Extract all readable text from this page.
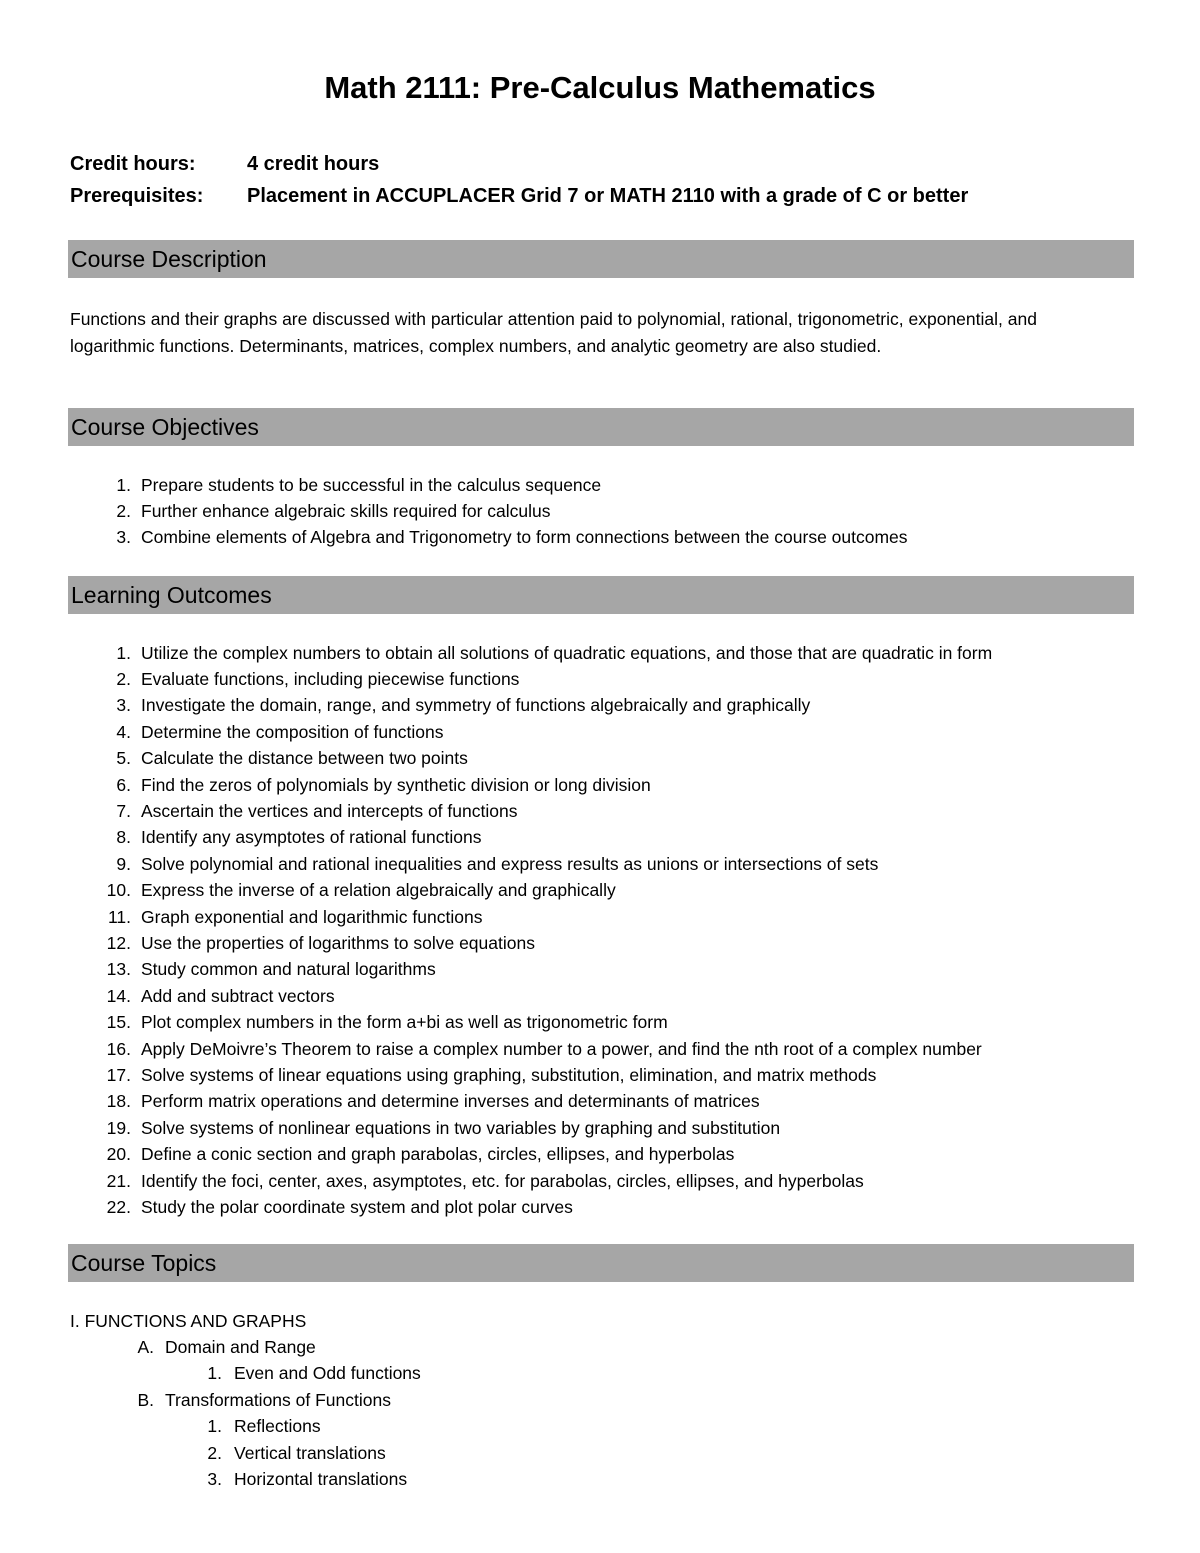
Math 2111: Pre-Calculus Mathematics
Credit hours:	4 credit hours
Prerequisites:	Placement in ACCUPLACER Grid 7 or MATH 2110 with a grade of C or better
Course Description
Functions and their graphs are discussed with particular attention paid to polynomial, rational, trigonometric, exponential, and logarithmic functions. Determinants, matrices, complex numbers, and analytic geometry are also studied.
Course Objectives
1. Prepare students to be successful in the calculus sequence
2. Further enhance algebraic skills required for calculus
3. Combine elements of Algebra and Trigonometry to form connections between the course outcomes
Learning Outcomes
1. Utilize the complex numbers to obtain all solutions of quadratic equations, and those that are quadratic in form
2. Evaluate functions, including piecewise functions
3. Investigate the domain, range, and symmetry of functions algebraically and graphically
4. Determine the composition of functions
5. Calculate the distance between two points
6. Find the zeros of polynomials by synthetic division or long division
7. Ascertain the vertices and intercepts of functions
8. Identify any asymptotes of rational functions
9. Solve polynomial and rational inequalities and express results as unions or intersections of sets
10. Express the inverse of a relation algebraically and graphically
11. Graph exponential and logarithmic functions
12. Use the properties of logarithms to solve equations
13. Study common and natural logarithms
14. Add and subtract vectors
15. Plot complex numbers in the form a+bi as well as trigonometric form
16. Apply DeMoivre’s Theorem to raise a complex number to a power, and find the nth root of a complex number
17. Solve systems of linear equations using graphing, substitution, elimination, and matrix methods
18. Perform matrix operations and determine inverses and determinants of matrices
19. Solve systems of nonlinear equations in two variables by graphing and substitution
20. Define a conic section and graph parabolas, circles, ellipses, and hyperbolas
21. Identify the foci, center, axes, asymptotes, etc. for parabolas, circles, ellipses, and hyperbolas
22. Study the polar coordinate system and plot polar curves
Course Topics
I. FUNCTIONS AND GRAPHS
A. Domain and Range
1. Even and Odd functions
B. Transformations of Functions
1. Reflections
2. Vertical translations
3. Horizontal translations
